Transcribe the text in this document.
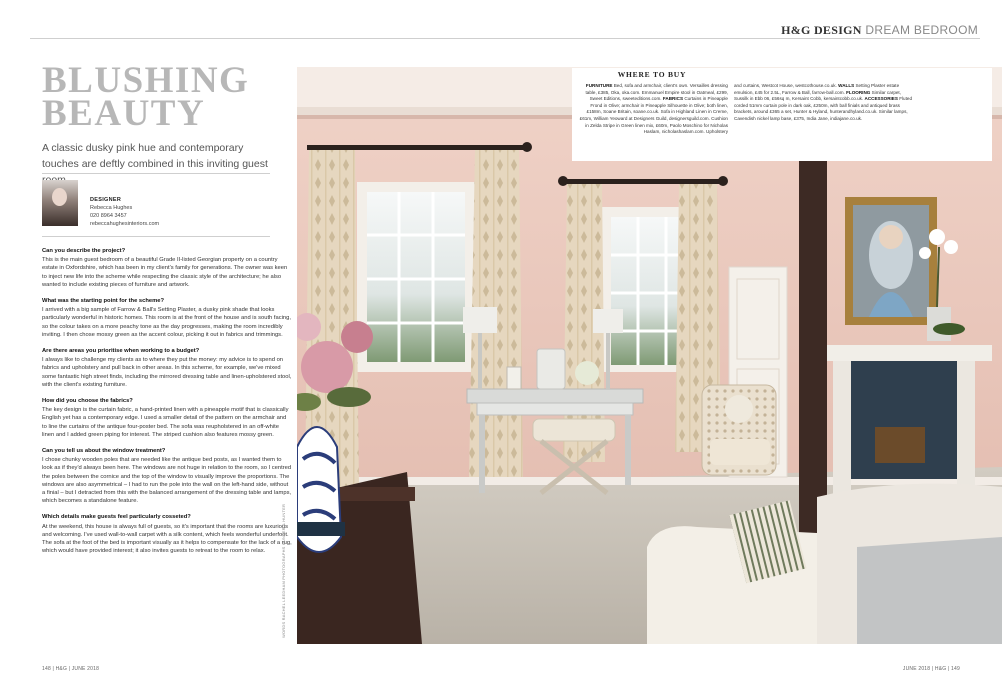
H&G DESIGN DREAM BEDROOM
BLUSHING
BEAUTY
A classic dusky pink hue and contemporary touches are deftly combined in this inviting guest
DESIGNER
Rebecca Hughes
020 8964 3457
rebeccahughesinteriors.com

Can you describe the project?

This is the main guest bedroom of a beautiful Grade II-listed Georgian property on a country estate in Oxfordshire, which has been in my client's family for generations. The owner was keen to inject new life into the scheme while respecting the classic style of the architecture; he also wanted to include existing pieces of furniture and artwork.

What was the starting point for the scheme?

I arrived with a big sample of Farrow & Ball's Setting Plaster, a dusky pink shade that looks particularly wonderful in historic homes. This room is at the front of the house and is south facing, so the colour takes on a more peachy tone as the day progresses, making the room incredibly inviting. I then chose mossy green as the accent colour, picking it out in fabrics and trimmings.

Are there areas you prioritise when working to a budget?

I always like to challenge my clients as to where they put the money: my advice is to spend on fabrics and upholstery and pull back in other areas. In this scheme, for example, we've mixed some fantastic high street finds, including the mirrored dressing table and linen-upholstered stool, with the client's existing furniture.

How did you choose the fabrics?

The key design is the curtain fabric, a hand-printed linen with a pineapple motif that is classically English yet has a contemporary edge. I used a smaller detail of the pattern on the armchair and to line the curtains of the antique four-poster bed. The sofa was reupholstered in an off-white linen and I added green piping for interest. The striped cushion also features mossy green.

Can you tell us about the window treatment?

I chose chunky wooden poles that are needed like the antique bed posts, as I wanted them to look as if they'd always been here. The windows are not huge in relation to the room, so I centred the poles between the cornice and the top of the window to visually improve the proportions. The windows are also asymmetrical – I had to run the pole into the wall on the left-hand side, without a finial – but I detracted from this with the balanced arrangement of the dressing table and lamps, which becomes a standalone feature.

Which details make guests feel particularly cosseted?

At the weekend, this house is always full of guests, so it's important that the rooms are luxurious and welcoming. I've used wall-to-wall carpet with a silk content, which feels wonderful underfoot. The sofa at the foot of the bed is important visually as it helps to compensate for the lack of a rug, which would have provided interest; it also invites guests to retreat to the room to relax.	WORDS RACHEL LEEDHAM PHOTOGRAPHS HUNTER & HUNTER
WHERE TO BUY
FURNITURE Bed, sofa and armchair, client's own. Versailles dressing table, £385, Oka, oka.com. Emmanuel Empire stool in Oatmeal, £299, Sweet Editions, sweeteditions.com. FABRICS Curtains in Pineapple Frond in Olive; armchair in Pineapple Silhouette in Olive; both linen, £158m, Soane Britain, soane.co.uk. Sofa in Highland Linen in Creme, £61m, William Yeoward at Designers Guild, designersguild.com. Cushion in Zelda Stripe in Green linen mix, £60m, Paolo Moschino for Nicholas Haslam, nicholashaslam.com. Upholstery
and curtains, Westcot House, westcothouse.co.uk. WALLS Setting Plaster estate emulsion, £45 for 2.5L, Farrow & Ball, farrow-ball.com. FLOORING Similar carpet, Sussilk in Ebb 06, £56sq m, Kersaint Cobb, kersaintcobb.co.uk. ACCESSORIES Fluted corded 51mm curtain pole in dark oak, £250m, with ball finials and antiqued brass brackets, around £365 a set, Hunter & Hyland, hunterandhyland.co.uk. Similar lamps, Cavendish nickel lamp base, £375, India Jane, indiajane.co.uk.
148 | H&G | JUNE 2018	JUNE 2018 | H&G | 149
